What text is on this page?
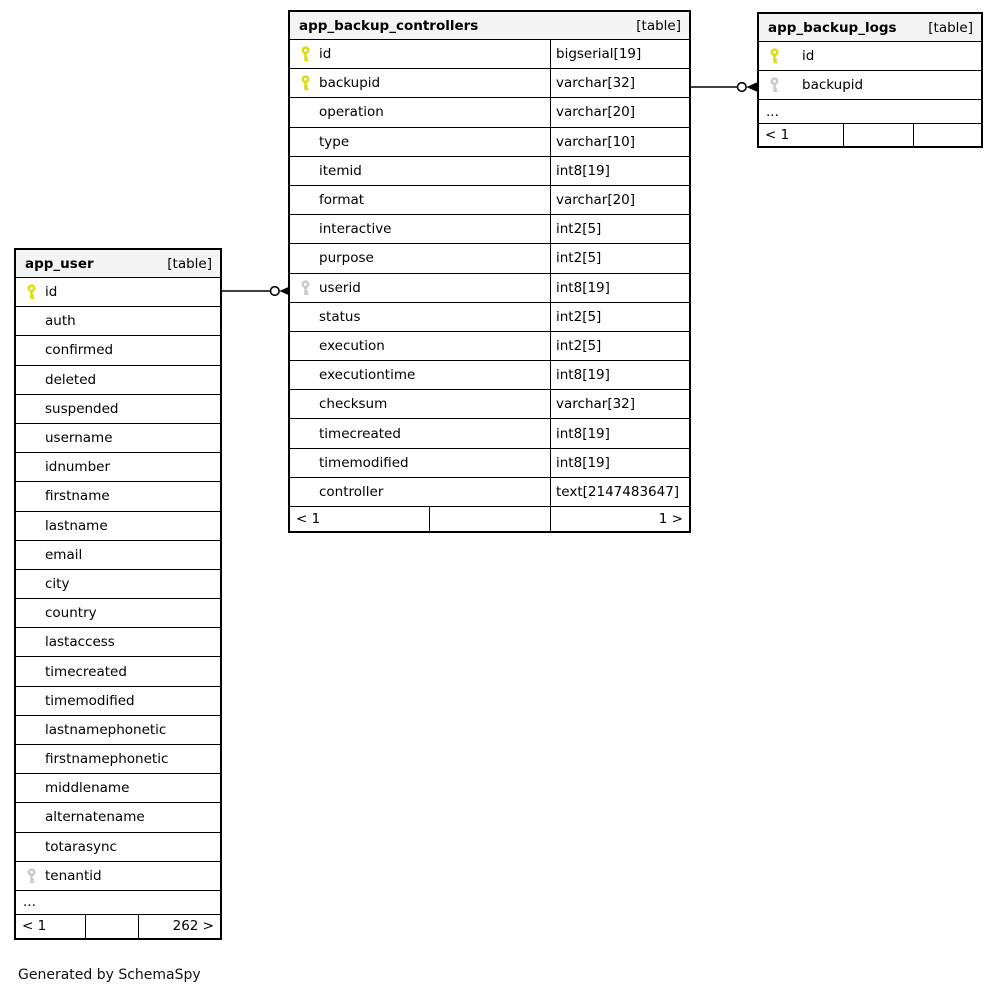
app_user	[table]
id
auth
confirmed
deleted
suspended
username
idnumber
firstname
lastname
email
city
country
lastaccess
timecreated
timemodified
lastnamephonetic
firstnamephonetic
middlename
alternatename
totarasync
tenantid
...
< 1	262 >
app_backup_controllers	[table]
id	bigserial[19]
backupid	varchar[32]
operation	varchar[20]
type	varchar[10]
itemid	int8[19]
format	varchar[20]
interactive	int2[5]
purpose	int2[5]
userid	int8[19]
status	int2[5]
execution	int2[5]
executiontime	int8[19]
checksum	varchar[32]
timecreated	int8[19]
timemodified	int8[19]
controller	text[2147483647]
< 1	1 >
app_backup_logs	[table]
id
backupid
...
< 1
Generated by SchemaSpy
